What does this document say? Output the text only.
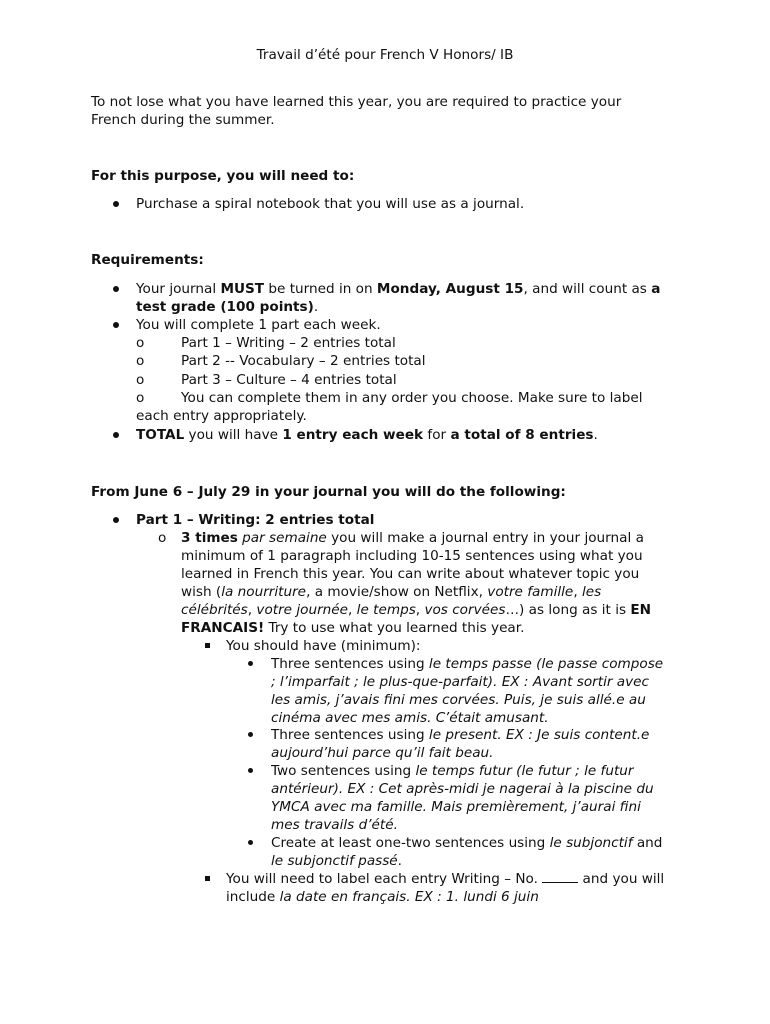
Travail d’été pour French V Honors/ IB
To not lose what you have learned this year, you are required to practice your
French during the summer.
For this purpose, you will need to:
Purchase a spiral notebook that you will use as a journal.
Requirements:
Your journal MUST be turned in on Monday, August 15, and will count as a
test grade (100 points).
You will complete 1 part each week.
o	Part 1 – Writing – 2 entries total
o	Part 2 -- Vocabulary – 2 entries total
o	Part 3 – Culture – 4 entries total
o	You can complete them in any order you choose. Make sure to label
each entry appropriately.
TOTAL you will have 1 entry each week for a total of 8 entries.
From June 6 – July 29 in your journal you will do the following:
Part 1 – Writing: 2 entries total
o 3 times par semaine you will make a journal entry in your journal a
minimum of 1 paragraph including 10-15 sentences using what you
learned in French this year. You can write about whatever topic you
wish (la nourriture, a movie/show on Netflix, votre famille, les
célébrités, votre journée, le temps, vos corvées…) as long as it is EN
FRANCAIS! Try to use what you learned this year.
You should have (minimum):
Three sentences using le temps passe (le passe compose
; l’imparfait ; le plus-que-parfait). EX : Avant sortir avec
les amis, j’avais fini mes corvées. Puis, je suis allé.e au
cinéma avec mes amis. C’était amusant.
Three sentences using le present. EX : Je suis content.e
aujourd’hui parce qu’il fait beau.
Two sentences using le temps futur (le futur ; le futur
antérieur). EX : Cet après-midi je nagerai à la piscine du
YMCA avec ma famille. Mais premièrement, j’aurai fini
mes travails d’été.
Create at least one-two sentences using le subjonctif and
le subjonctif passé.
You will need to label each entry Writing – No.	and you will
include la date en français. EX : 1. lundi 6 juin
